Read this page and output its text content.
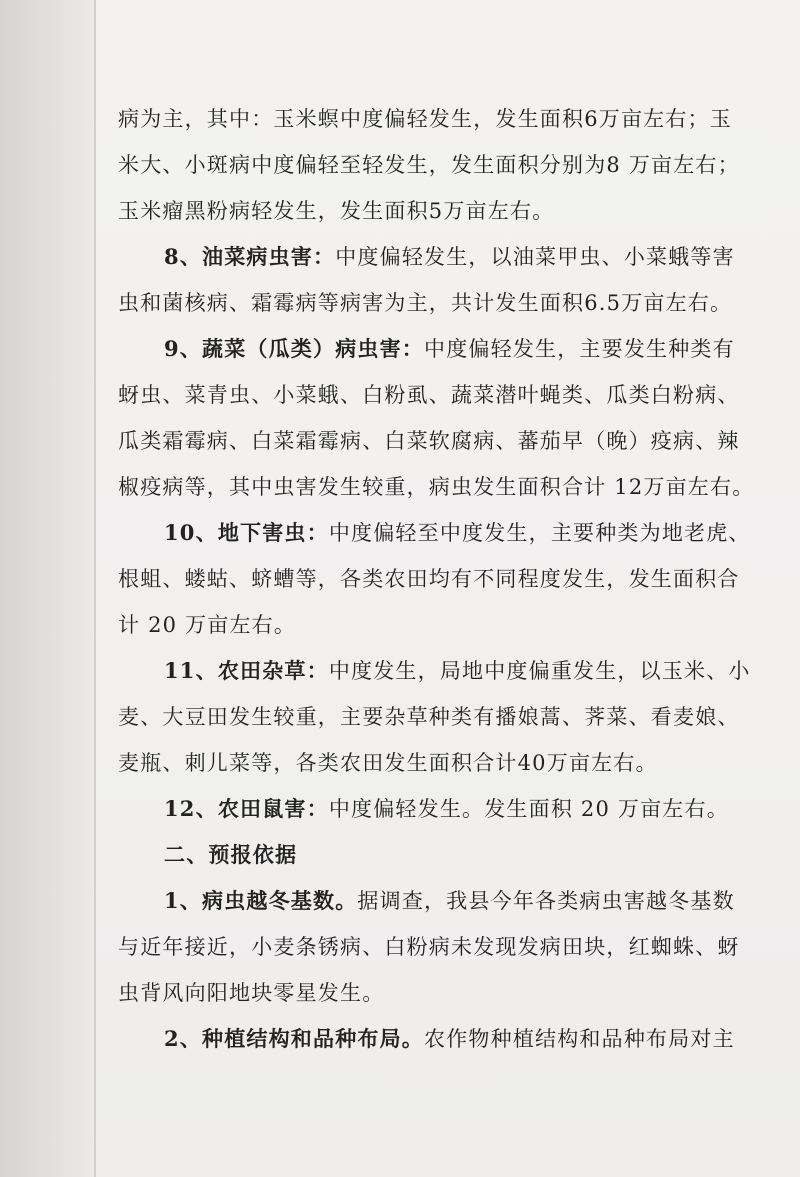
病为主，其中：玉米螟中度偏轻发生，发生面积6万亩左右；玉
米大、小斑病中度偏轻至轻发生，发生面积分别为8 万亩左右；
玉米瘤黑粉病轻发生，发生面积5万亩左右。
8、油菜病虫害：中度偏轻发生，以油菜甲虫、小菜蛾等害
虫和菌核病、霜霉病等病害为主，共计发生面积6.5万亩左右。
9、蔬菜（瓜类）病虫害：中度偏轻发生，主要发生种类有
蚜虫、菜青虫、小菜蛾、白粉虱、蔬菜潜叶蝇类、瓜类白粉病、
瓜类霜霉病、白菜霜霉病、白菜软腐病、蕃茄早（晚）疫病、辣
椒疫病等，其中虫害发生较重，病虫发生面积合计 12万亩左右。
10、地下害虫：中度偏轻至中度发生，主要种类为地老虎、
根蛆、蝼蛄、蛴螬等，各类农田均有不同程度发生，发生面积合
计 20 万亩左右。
11、农田杂草：中度发生，局地中度偏重发生，以玉米、小
麦、大豆田发生较重，主要杂草种类有播娘蒿、荠菜、看麦娘、
麦瓶、刺儿菜等，各类农田发生面积合计40万亩左右。
12、农田鼠害：中度偏轻发生。发生面积 20 万亩左右。
二、预报依据
1、病虫越冬基数。据调查，我县今年各类病虫害越冬基数
与近年接近，小麦条锈病、白粉病未发现发病田块，红蜘蛛、蚜
虫背风向阳地块零星发生。
2、种植结构和品种布局。农作物种植结构和品种布局对主
